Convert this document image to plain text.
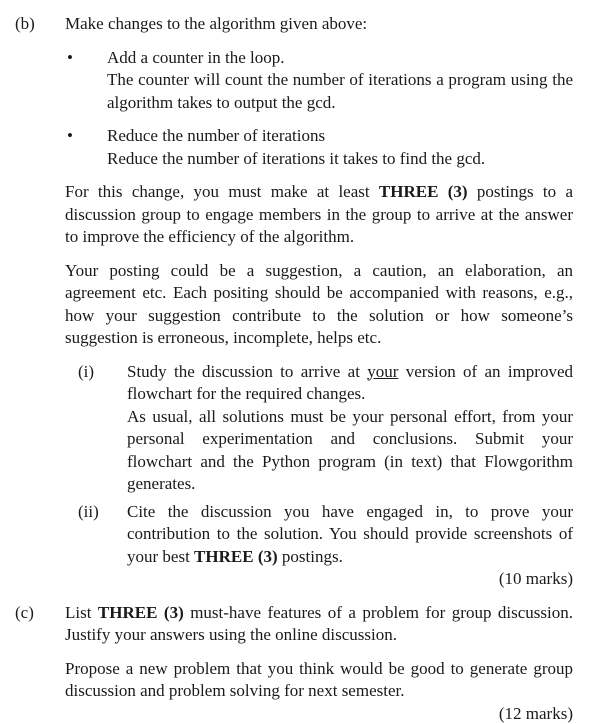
(b)	Make changes to the algorithm given above:

•	Add a counter in the loop.

The counter will count the number of iterations a program using the algorithm takes to output the gcd.

•	Reduce the number of iterations

Reduce the number of iterations it takes to find the gcd.

For this change, you must make at least THREE (3) postings to a discussion group to engage members in the group to arrive at the answer to improve the efficiency of the algorithm.

Your posting could be a suggestion, a caution, an elaboration, an agreement etc. Each positing should be accompanied with reasons, e.g., how your suggestion contribute to the solution or how someone’s suggestion is erroneous, incomplete, helps etc.

(i)	Study the discussion to arrive at your version of an improved flowchart for the required changes.

As usual, all solutions must be your personal effort, from your personal experimentation and conclusions. Submit your flowchart and the Python program (in text) that Flowgorithm generates.

(ii)	Cite the discussion you have engaged in, to prove your contribution to the solution. You should provide screenshots of your best THREE (3) postings.

(10 marks)

(c)	List THREE (3) must-have features of a problem for group discussion. Justify your answers using the online discussion.

Propose a new problem that you think would be good to generate group discussion and problem solving for next semester.

(12 marks)
